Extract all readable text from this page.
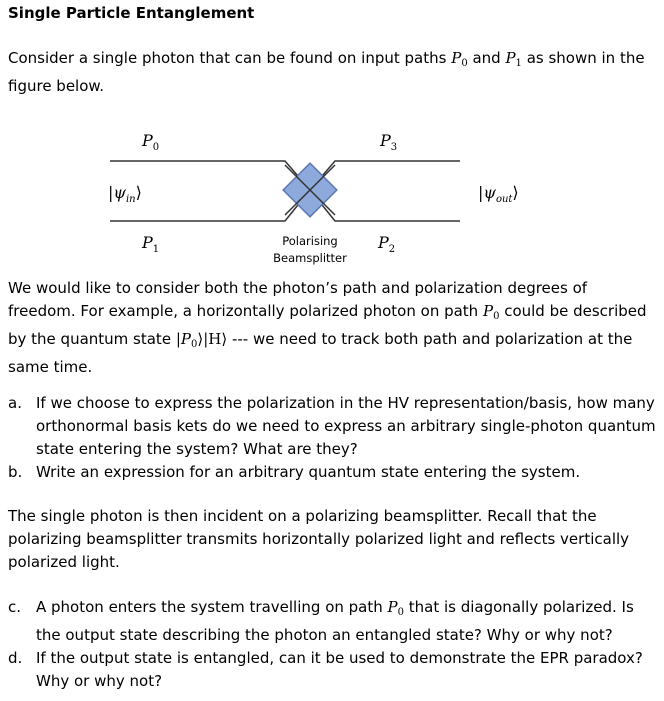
Single Particle Entanglement
Consider a single photon that can be found on input paths $P_0$ and $P_1$ as shown in the figure below.
$P_0$	$P_3$
$P_1$	$P_2$
$|\psi_{in}⟩$	$|\psi_{out}⟩$
Polarising
Beamsplitter
We would like to consider both the photon’s path and polarization degrees of freedom. For example, a horizontally polarized photon on path $P_0$ could be described by the quantum state $|P_0⟩|H⟩$ --- we need to track both path and polarization at the same time.
a. If we choose to express the polarization in the HV representation/basis, how many orthonormal basis kets do we need to express an arbitrary single-photon quantum state entering the system? What are they?
b. Write an expression for an arbitrary quantum state entering the system.
The single photon is then incident on a polarizing beamsplitter. Recall that the polarizing beamsplitter transmits horizontally polarized light and reflects vertically polarized light.
c. A photon enters the system travelling on path $P_0$ that is diagonally polarized. Is the output state describing the photon an entangled state? Why or why not?
d. If the output state is entangled, can it be used to demonstrate the EPR paradox? Why or why not?
